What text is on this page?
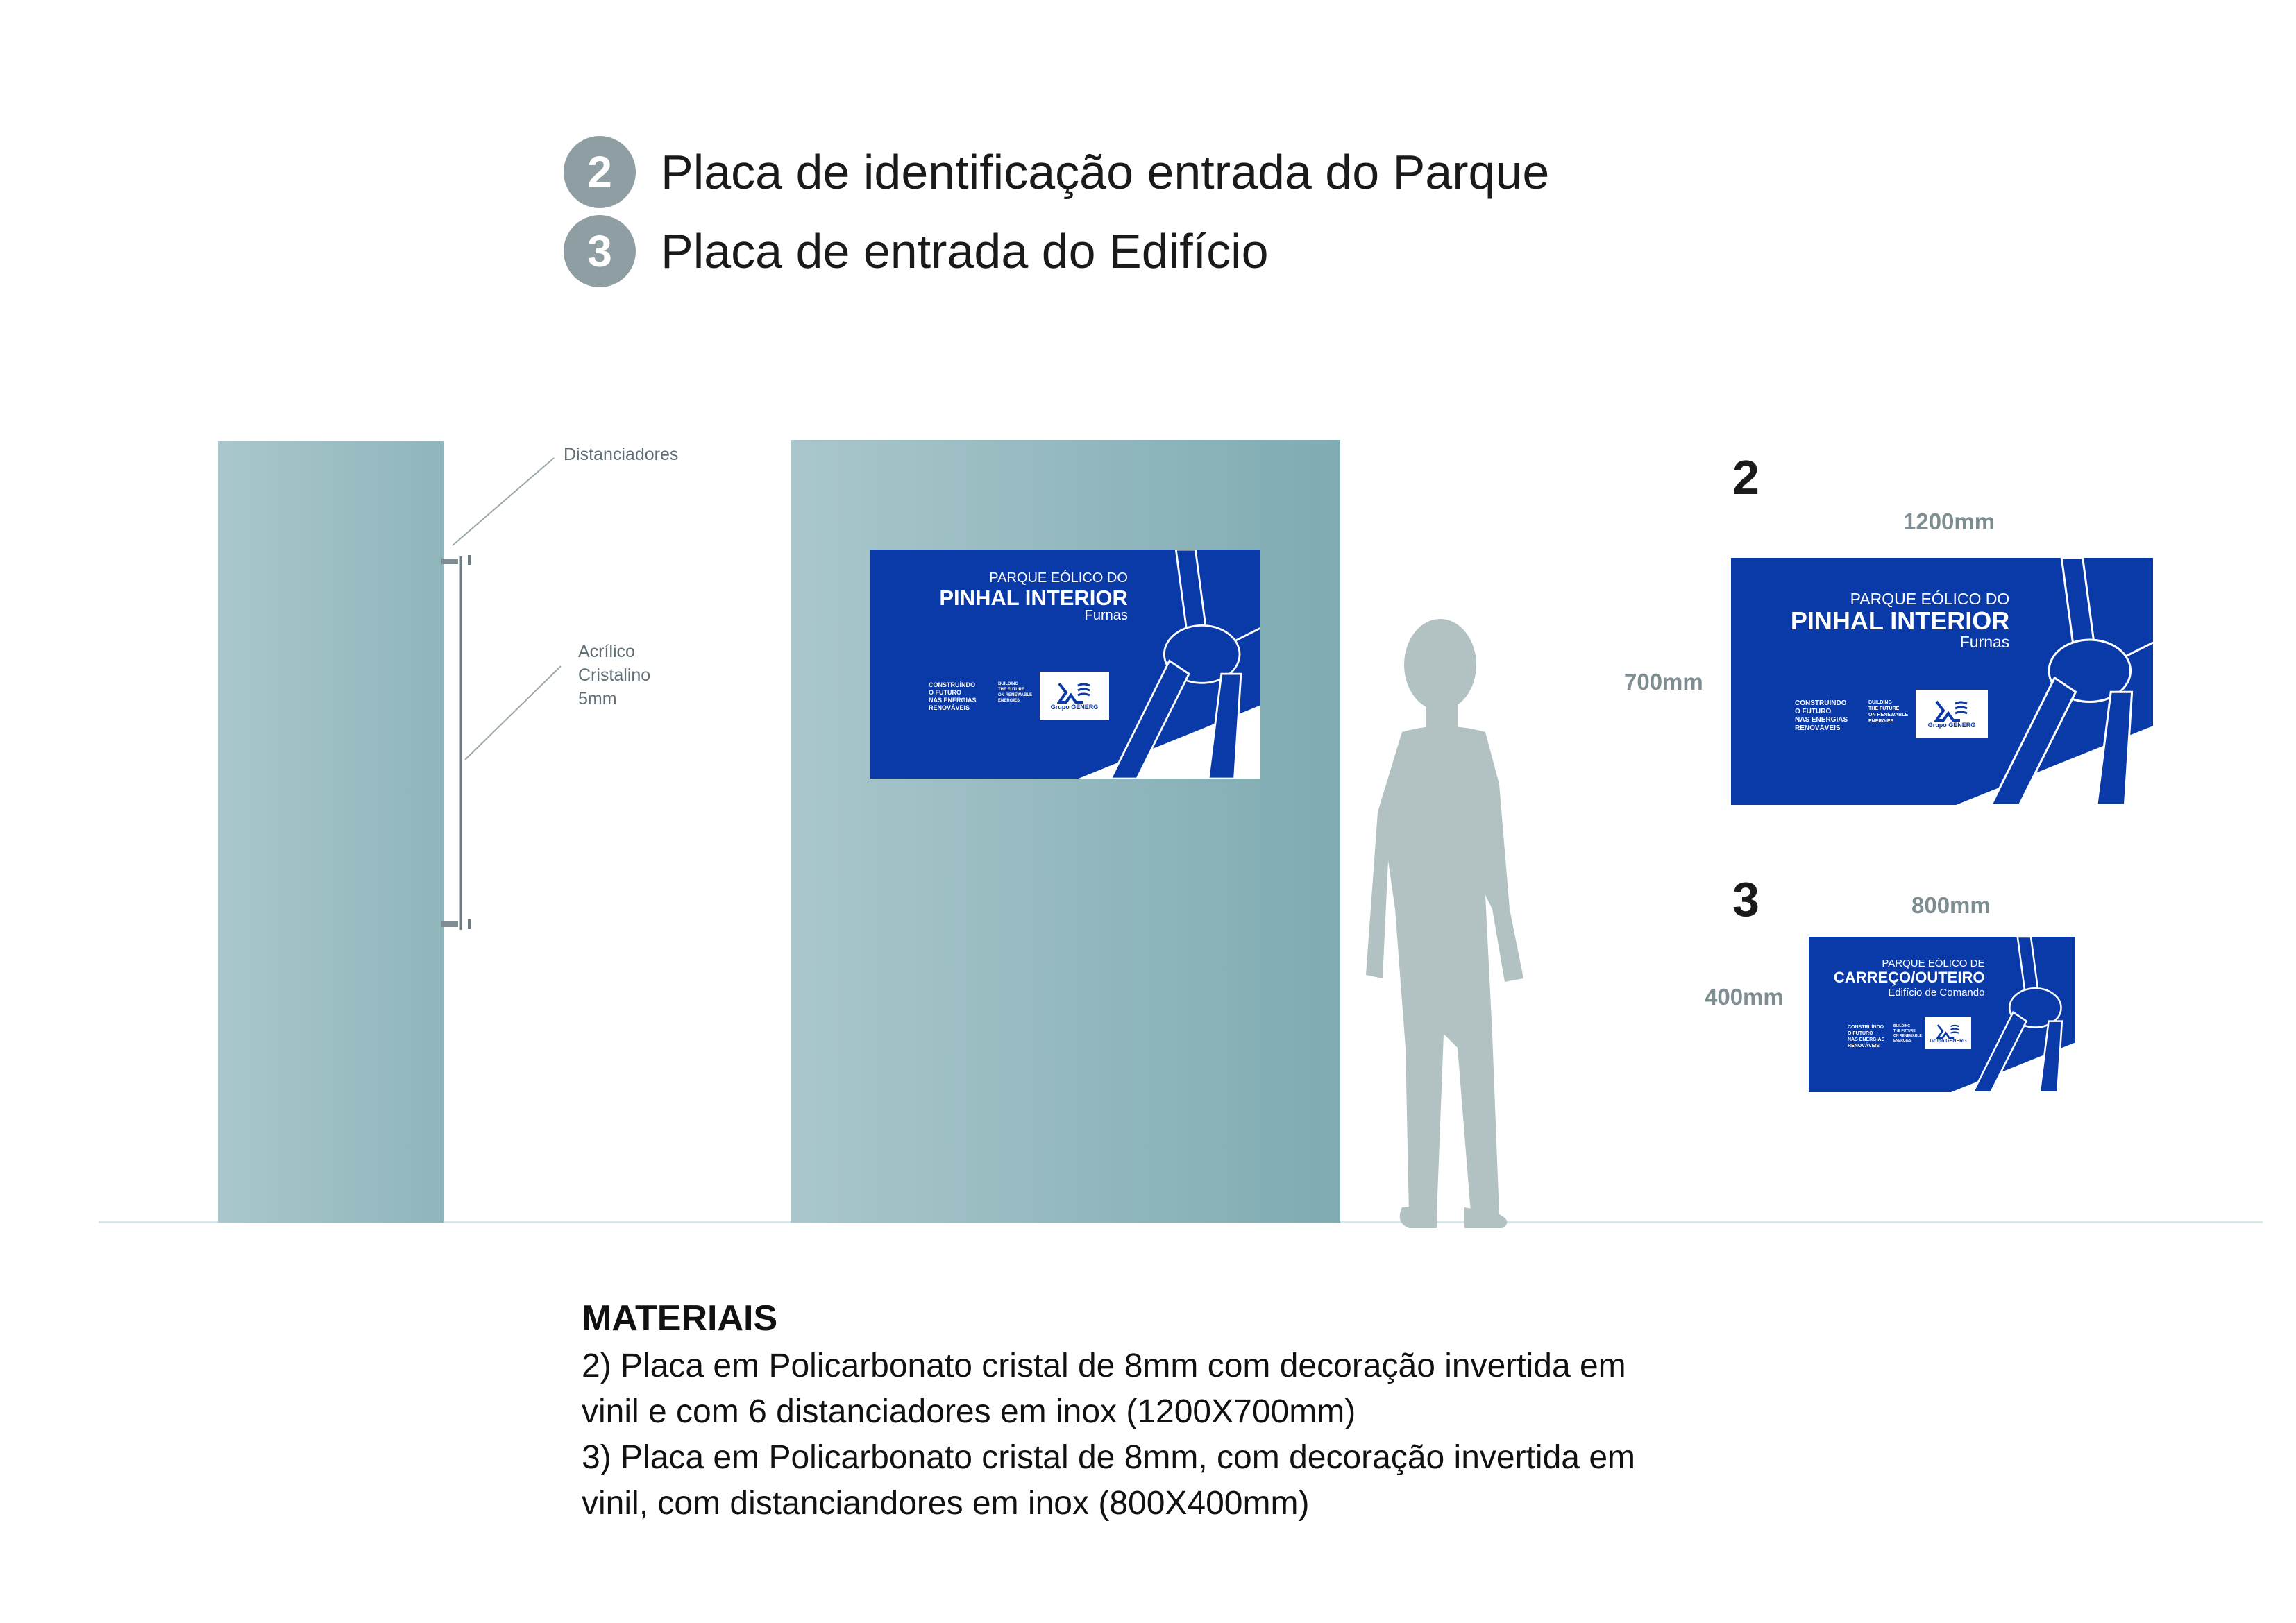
2	Placa de identificação entrada do Parque
3	Placa de entrada do Edifício
Distanciadores
Acrílico
Cristalino
5mm
PARQUE EÓLICO DO
PINHAL INTERIOR
Furnas
CONSTRUÍNDO
O FUTURO
NAS ENERGIAS
RENOVÁVEIS
BUILDING
THE FUTURE
ON RENEWABLE
ENERGIES
Grupo GENERG
2
1200mm
700mm
PARQUE EÓLICO DO
PINHAL INTERIOR
Furnas
CONSTRUÍNDO
O FUTURO
NAS ENERGIAS
RENOVÁVEIS
BUILDING
THE FUTURE
ON RENEWABLE
ENERGIES
Grupo GENERG
3	800mm
400mm
PARQUE EÓLICO DE
CARREÇO/OUTEIRO
Edifício de Comando
CONSTRUÍNDO
O FUTURO
NAS ENERGIAS
RENOVÁVEIS
BUILDING
THE FUTURE
ON RENEWABLE
ENERGIES	Grupo GENERG
MATERIAIS

2) Placa em Policarbonato cristal de 8mm com decoração invertida em

vinil e com 6 distanciadores em inox (1200X700mm)

3) Placa em Policarbonato cristal de 8mm, com decoração invertida em

vinil, com distanciandores em inox (800X400mm)
